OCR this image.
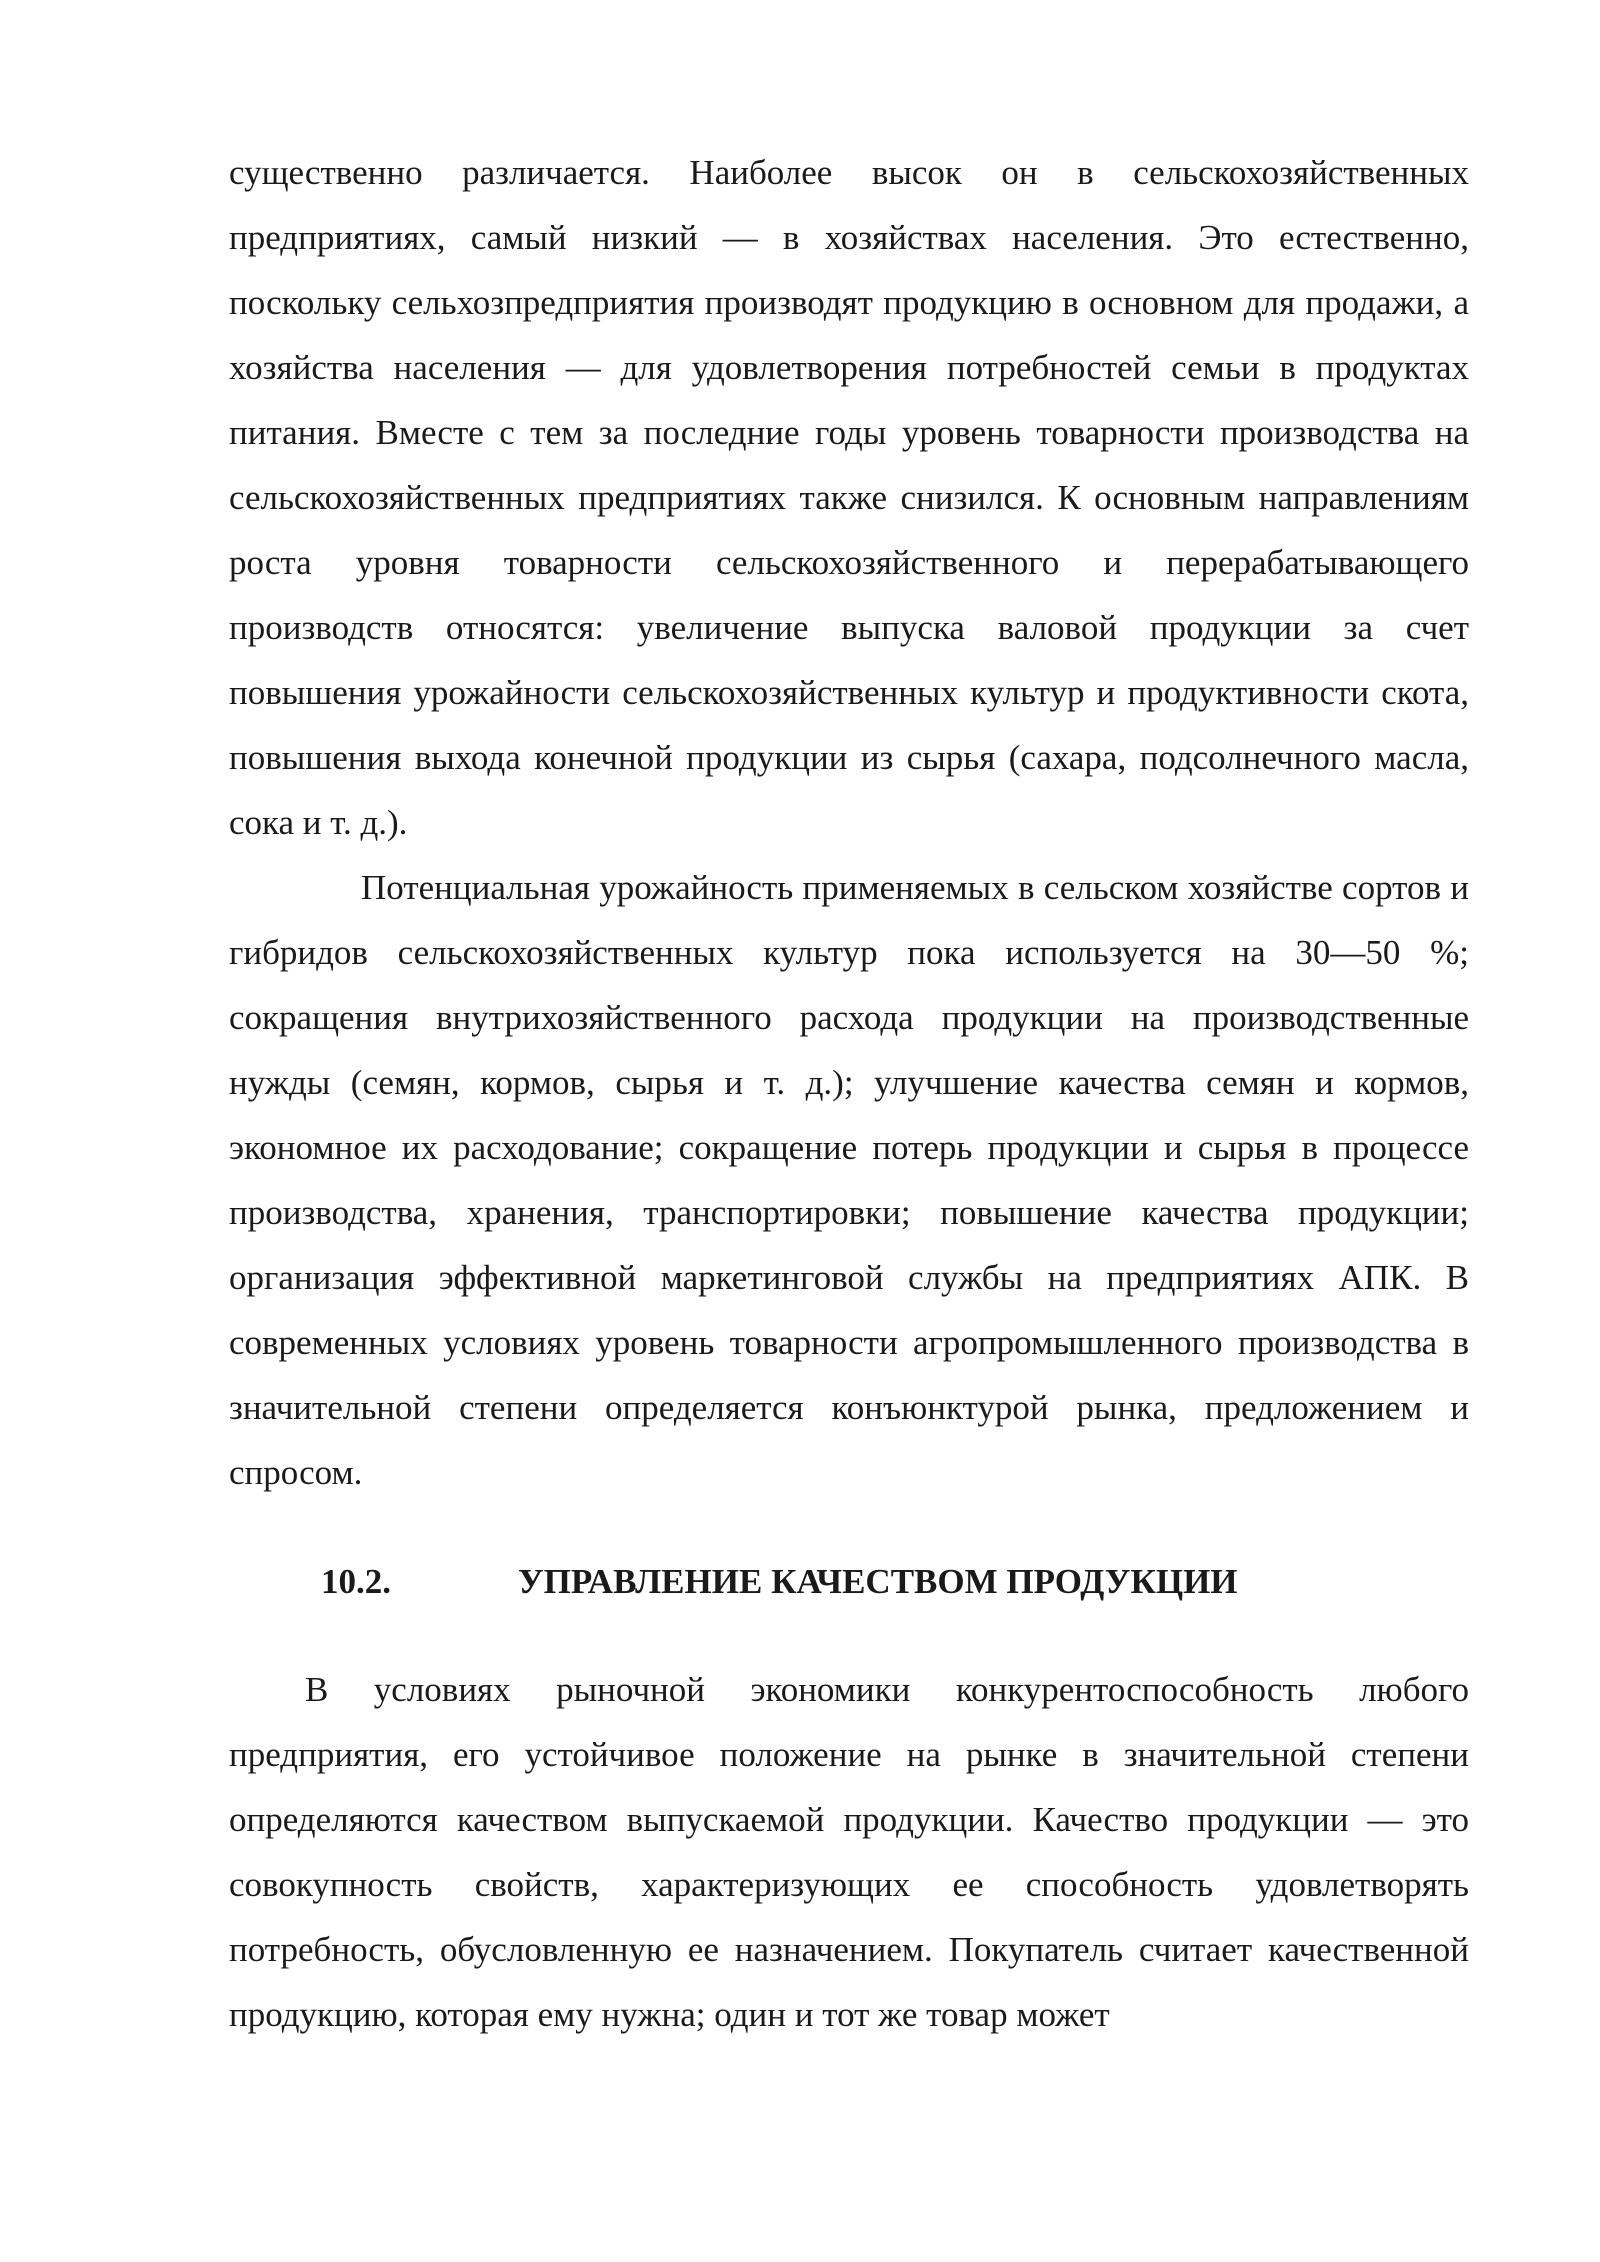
существенно различается. Наиболее высок он в сельскохозяйственных предприятиях, самый низкий — в хозяйствах населения. Это естественно, поскольку сельхозпредприятия производят продукцию в основном для продажи, а хозяйства населения — для удовлетворения потребностей семьи в продуктах питания. Вместе с тем за последние годы уровень товарности производства на сельскохозяйственных предприятиях также снизился. К основным направлениям роста уровня товарности сельскохозяйственного и перерабатывающего производств относятся: увеличение выпуска валовой продукции за счет повышения урожайности сельскохозяйственных культур и продуктивности скота, повышения выхода конечной продукции из сырья (сахара, подсолнечного масла, сока и т. д.).

Потенциальная урожайность применяемых в сельском хозяйстве сортов и гибридов сельскохозяйственных культур пока используется на 30—50 %; сокращения внутрихозяйственного расхода продукции на производственные нужды (семян, кормов, сырья и т. д.); улучшение качества семян и кормов, экономное их расходование; сокращение потерь продукции и сырья в процессе производства, хранения, транспортировки; повышение качества продукции; организация эффективной маркетинговой службы на предприятиях АПК. В современных условиях уровень товарности агропромышленного производства в значительной степени определяется конъюнктурой рынка, предложением и спросом.

10.2.	УПРАВЛЕНИЕ КАЧЕСТВОМ ПРОДУКЦИИ

В условиях рыночной экономики конкурентоспособность любого предприятия, его устойчивое положение на рынке в значительной степени определяются качеством выпускаемой продукции. Качество продукции — это совокупность свойств, характеризующих ее способность удовлетворять потребность, обусловленную ее назначением. Покупатель считает качественной продукцию, которая ему нужна; один и тот же товар может
